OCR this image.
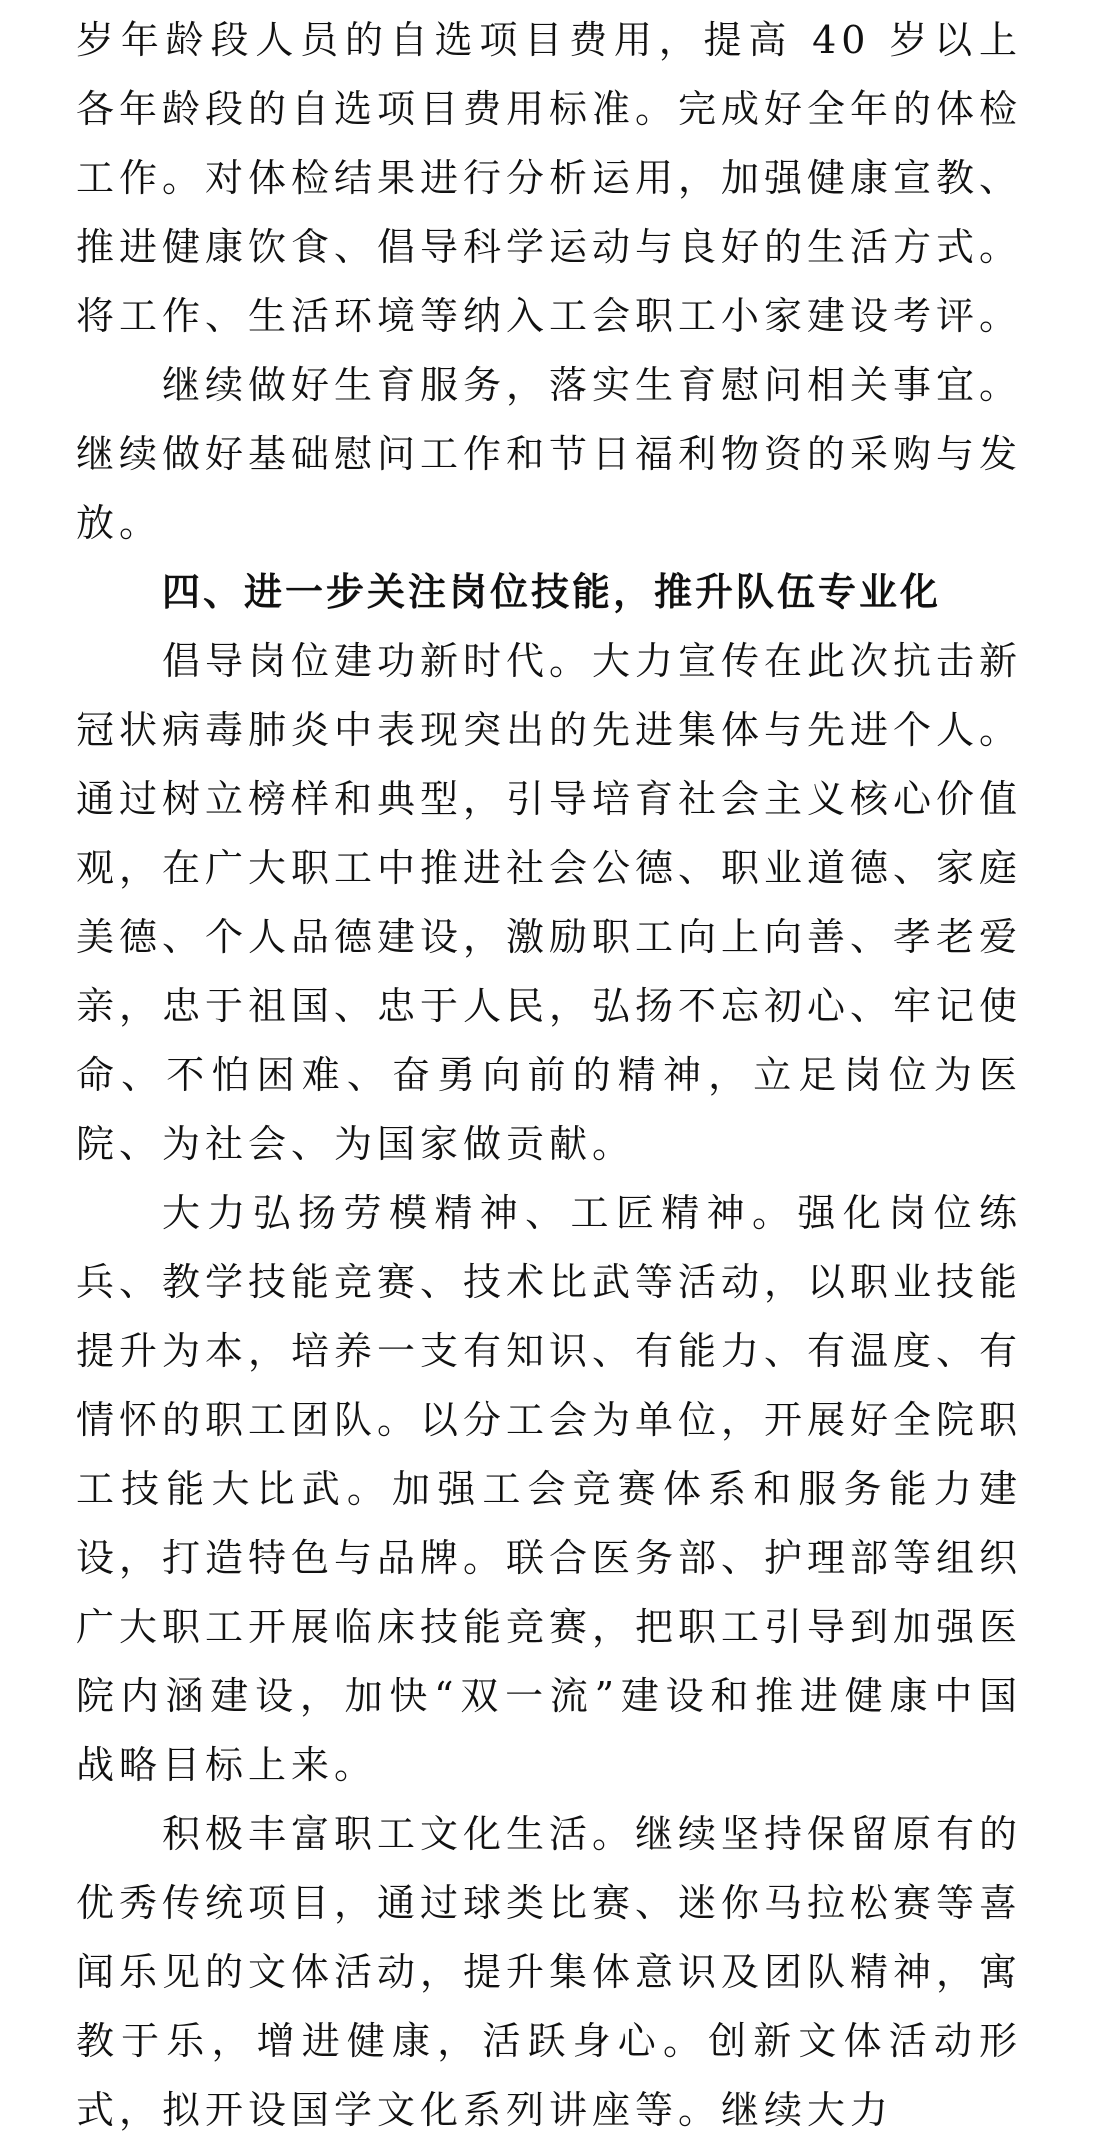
岁年龄段人员的自选项目费用，提高 40 岁以上各年龄段的自选项目费用标准。完成好全年的体检工作。对体检结果进行分析运用，加强健康宣教、推进健康饮食、倡导科学运动与良好的生活方式。将工作、生活环境等纳入工会职工小家建设考评。

继续做好生育服务，落实生育慰问相关事宜。继续做好基础慰问工作和节日福利物资的采购与发放。

四、进一步关注岗位技能，推升队伍专业化

倡导岗位建功新时代。大力宣传在此次抗击新冠状病毒肺炎中表现突出的先进集体与先进个人。通过树立榜样和典型，引导培育社会主义核心价值观，在广大职工中推进社会公德、职业道德、家庭美德、个人品德建设，激励职工向上向善、孝老爱亲，忠于祖国、忠于人民，弘扬不忘初心、牢记使命、不怕困难、奋勇向前的精神，立足岗位为医院、为社会、为国家做贡献。

大力弘扬劳模精神、工匠精神。强化岗位练兵、教学技能竞赛、技术比武等活动，以职业技能提升为本，培养一支有知识、有能力、有温度、有情怀的职工团队。以分工会为单位，开展好全院职工技能大比武。加强工会竞赛体系和服务能力建设，打造特色与品牌。联合医务部、护理部等组织广大职工开展临床技能竞赛，把职工引导到加强医院内涵建设，加快“双一流”建设和推进健康中国战略目标上来。

积极丰富职工文化生活。继续坚持保留原有的优秀传统项目，通过球类比赛、迷你马拉松赛等喜闻乐见的文体活动，提升集体意识及团队精神，寓教于乐，增进健康，活跃身心。创新文体活动形式，拟开设国学文化系列讲座等。继续大力
